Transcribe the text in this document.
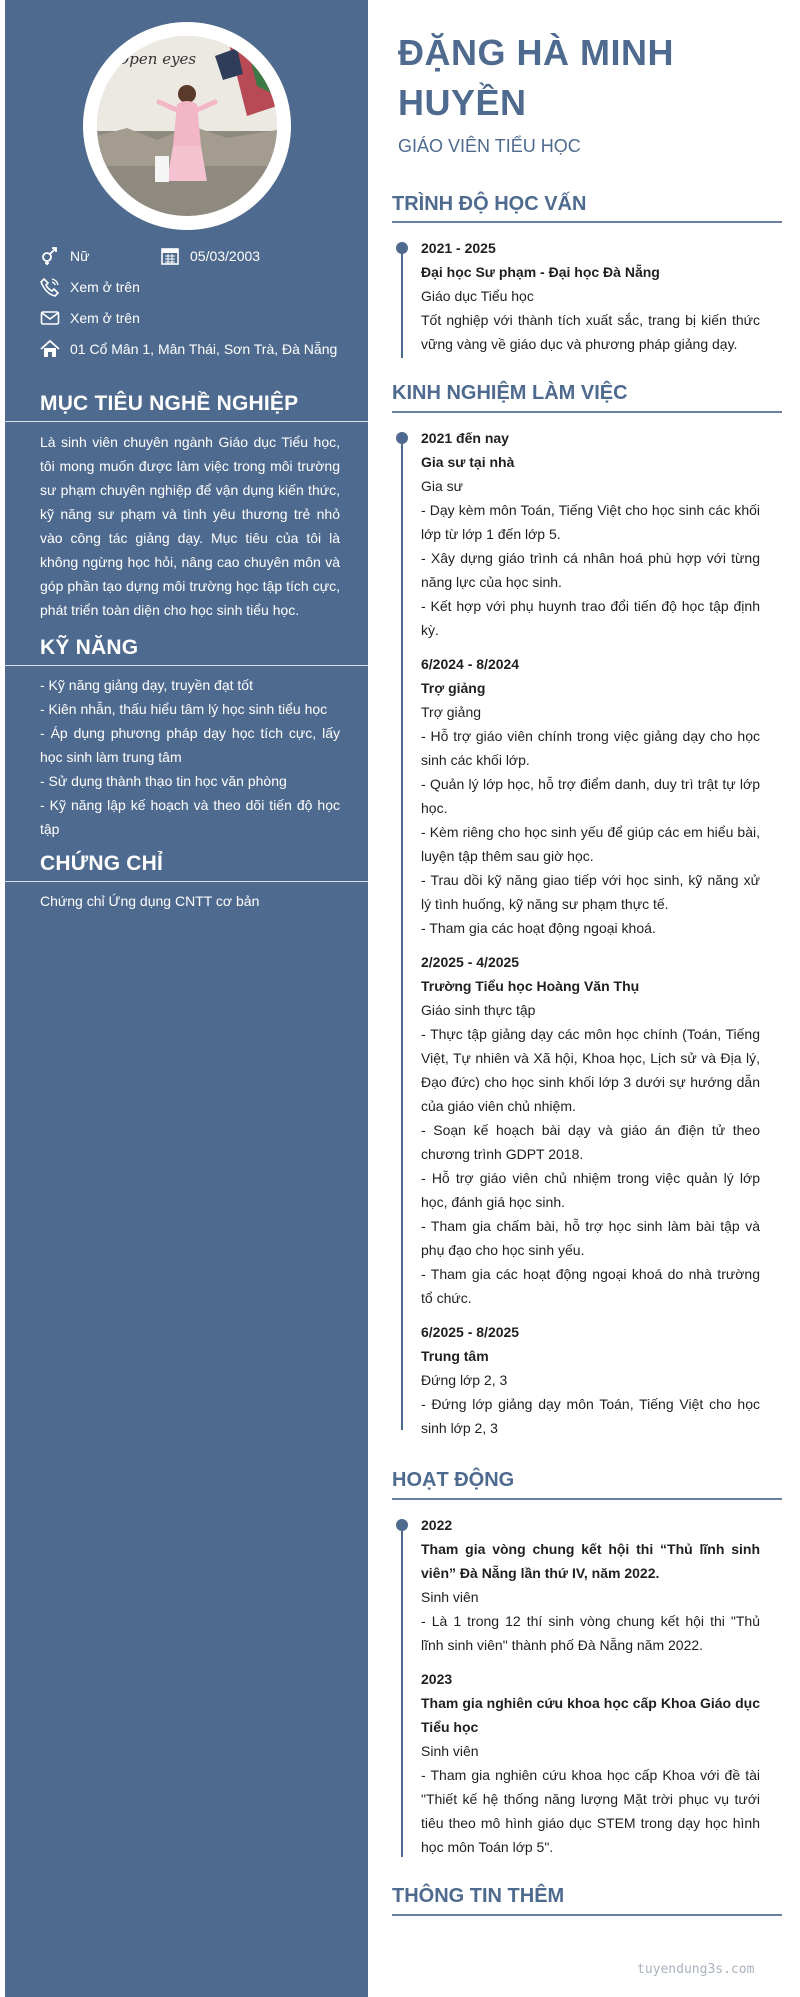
Open eyes
Nữ	05/03/2003
Xem ở trên
Xem ở trên
01 Cổ Mân 1, Mân Thái, Sơn Trà, Đà Nẵng
MỤC TIÊU NGHỀ NGHIỆP
Là sinh viên chuyên ngành Giáo dục Tiểu học, tôi mong muốn được làm việc trong môi trường sư phạm chuyên nghiệp để vận dụng kiến thức, kỹ năng sư phạm và tình yêu thương trẻ nhỏ vào công tác giảng dạy. Mục tiêu của tôi là không ngừng học hỏi, nâng cao chuyên môn và góp phần tạo dựng môi trường học tập tích cực, phát triển toàn diện cho học sinh tiểu học.
KỸ NĂNG
- Kỹ năng giảng dạy, truyền đạt tốt
- Kiên nhẫn, thấu hiểu tâm lý học sinh tiểu học
- Áp dụng phương pháp dạy học tích cực, lấy học sinh làm trung tâm
- Sử dụng thành thạo tin học văn phòng
- Kỹ năng lập kế hoạch và theo dõi tiến độ học tập
CHỨNG CHỈ
Chứng chỉ Ứng dụng CNTT cơ bản
ĐẶNG HÀ MINH HUYỀN
GIÁO VIÊN TIỂU HỌC
TRÌNH ĐỘ HỌC VẤN

2021 - 2025

Đại học Sư phạm - Đại học Đà Nẵng

Giáo dục Tiểu học

Tốt nghiệp với thành tích xuất sắc, trang bị kiến thức vững vàng về giáo dục và phương pháp giảng dạy.

KINH NGHIỆM LÀM VIỆC

2021 đến nay

Gia sư tại nhà

Gia sư

- Dạy kèm môn Toán, Tiếng Việt cho học sinh các khối lớp từ lớp 1 đến lớp 5.

- Xây dựng giáo trình cá nhân hoá phù hợp với từng năng lực của học sinh.

- Kết hợp với phụ huynh trao đổi tiến độ học tập định kỳ.

6/2024 - 8/2024

Trợ giảng

Trợ giảng

- Hỗ trợ giáo viên chính trong việc giảng dạy cho học sinh các khối lớp.

- Quản lý lớp học, hỗ trợ điểm danh, duy trì trật tự lớp học.

- Kèm riêng cho học sinh yếu để giúp các em hiểu bài, luyện tập thêm sau giờ học.

- Trau dồi kỹ năng giao tiếp với học sinh, kỹ năng xử lý tình huống, kỹ năng sư phạm thực tế.

- Tham gia các hoạt động ngoại khoá.

2/2025 - 4/2025

Trường Tiểu học Hoàng Văn Thụ

Giáo sinh thực tập

- Thực tập giảng dạy các môn học chính (Toán, Tiếng Việt, Tự nhiên và Xã hội, Khoa học, Lịch sử và Địa lý, Đạo đức) cho học sinh khối lớp 3 dưới sự hướng dẫn của giáo viên chủ nhiệm.

- Soạn kế hoạch bài dạy và giáo án điện tử theo chương trình GDPT 2018.

- Hỗ trợ giáo viên chủ nhiệm trong việc quản lý lớp học, đánh giá học sinh.

- Tham gia chấm bài, hỗ trợ học sinh làm bài tập và phụ đạo cho học sinh yếu.

- Tham gia các hoạt động ngoại khoá do nhà trường tổ chức.

6/2025 - 8/2025

Trung tâm

Đứng lớp 2, 3

- Đứng lớp giảng dạy môn Toán, Tiếng Việt cho học sinh lớp 2, 3

HOẠT ĐỘNG

2022

Tham gia vòng chung kết hội thi “Thủ lĩnh sinh viên” Đà Nẵng lần thứ IV, năm 2022.

Sinh viên

- Là 1 trong 12 thí sinh vòng chung kết hội thi "Thủ lĩnh sinh viên" thành phố Đà Nẵng năm 2022.

2023

Tham gia nghiên cứu khoa học cấp Khoa Giáo dục Tiểu học

Sinh viên

- Tham gia nghiên cứu khoa học cấp Khoa với đề tài "Thiết kế hệ thống năng lượng Mặt trời phục vụ tưới tiêu theo mô hình giáo dục STEM trong dạy học hình học môn Toán lớp 5".

THÔNG TIN THÊM
tuyendung3s.com
